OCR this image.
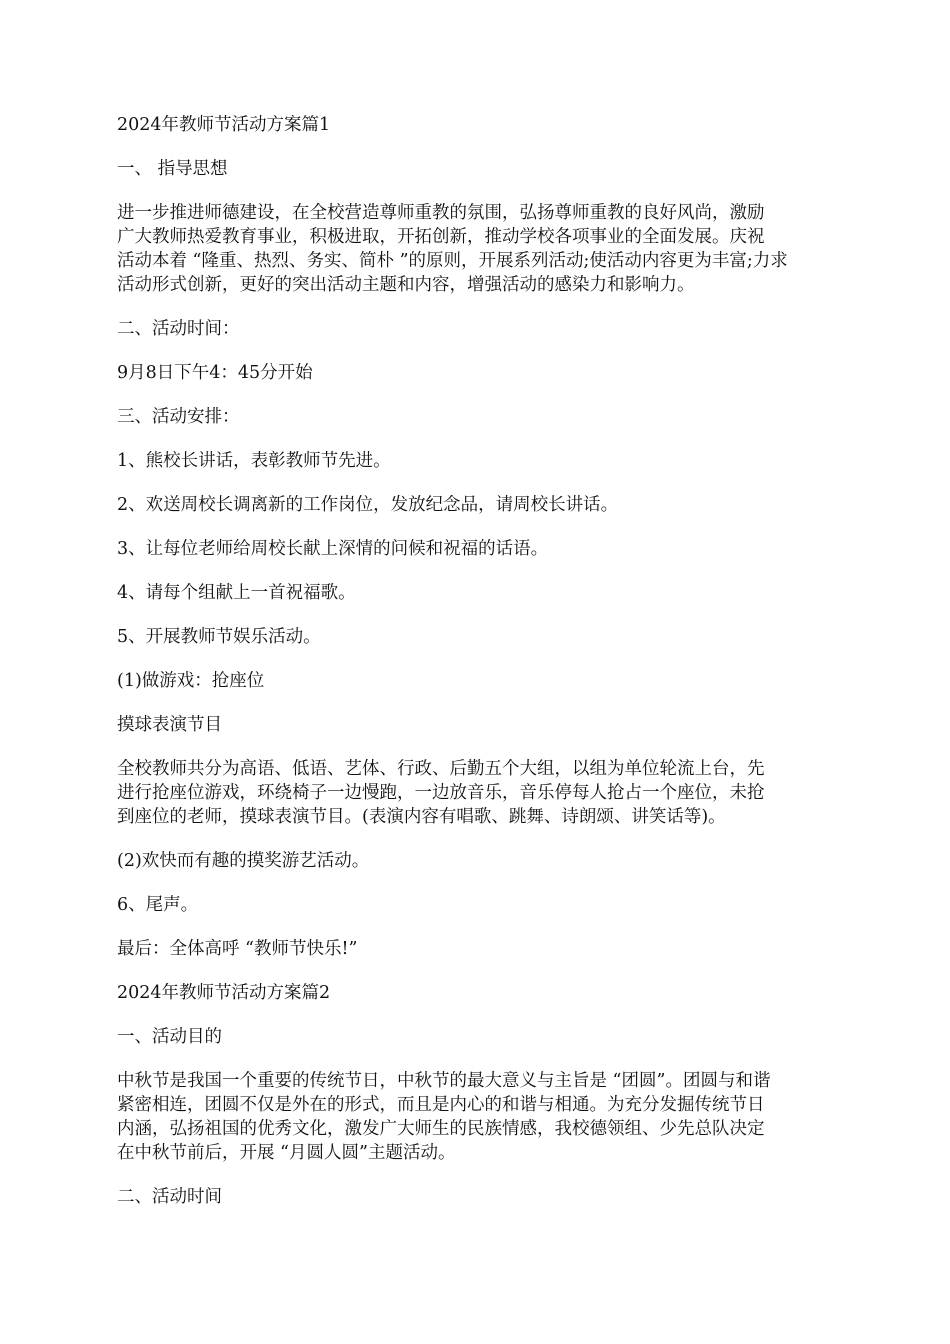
2024年教师节活动方案篇1
一、 指导思想
进一步推进师德建设，在全校营造尊师重教的氛围，弘扬尊师重教的良好风尚，激励
广大教师热爱教育事业，积极进取，开拓创新，推动学校各项事业的全面发展。庆祝
活动本着 “隆重、热烈、务实、简朴 ”的原则，开展系列活动;使活动内容更为丰富;力求
活动形式创新，更好的突出活动主题和内容，增强活动的感染力和影响力。
二、活动时间：
9月8日下午4：45分开始
三、活动安排：
1、熊校长讲话，表彰教师节先进。
2、欢送周校长调离新的工作岗位，发放纪念品，请周校长讲话。
3、让每位老师给周校长献上深情的问候和祝福的话语。
4、请每个组献上一首祝福歌。
5、开展教师节娱乐活动。
(1)做游戏：抢座位
摸球表演节目
全校教师共分为高语、低语、艺体、行政、后勤五个大组，以组为单位轮流上台，先
进行抢座位游戏，环绕椅子一边慢跑，一边放音乐，音乐停每人抢占一个座位，未抢
到座位的老师，摸球表演节目。(表演内容有唱歌、跳舞、诗朗颂、讲笑话等)。
(2)欢快而有趣的摸奖游艺活动。
6、尾声。
最后：全体高呼 “教师节快乐!”
2024年教师节活动方案篇2
一、活动目的
中秋节是我国一个重要的传统节日，中秋节的最大意义与主旨是 “团圆”。团圆与和谐
紧密相连，团圆不仅是外在的形式，而且是内心的和谐与相通。为充分发掘传统节日
内涵，弘扬祖国的优秀文化，激发广大师生的民族情感，我校德领组、少先总队决定
在中秋节前后，开展 “月圆人圆”主题活动。
二、活动时间
